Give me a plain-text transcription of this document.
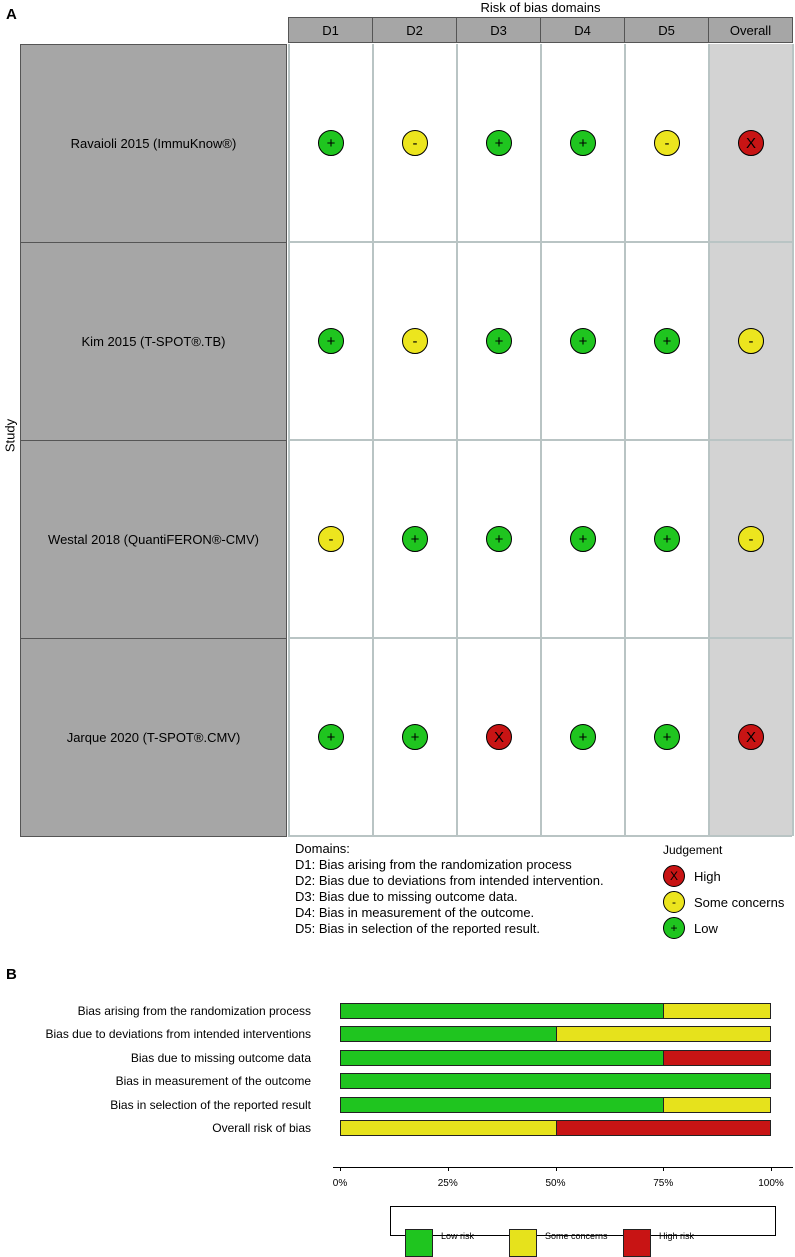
A	Risk of bias domains
D1	D2	D3	D4	D5	Overall
Study
Ravaioli 2015 (ImmuKnow®)	+	-	+	+	-	X
Kim 2015 (T-SPOT®.TB)	+	-	+	+	+	-
Westal 2018 (QuantiFERON®-CMV)	-	+	+	+	+	-
Jarque 2020 (T-SPOT®.CMV)	+	+	X	+	+	X
Domains:
D1: Bias arising from the randomization process
D2: Bias due to deviations from intended intervention.
D3: Bias due to missing outcome data.
D4: Bias in measurement of the outcome.
D5: Bias in selection of the reported result.
Judgement
X	High
-	Some concerns
+	Low
B
Bias arising from the randomization process
Bias due to deviations from intended interventions
Bias due to missing outcome data
Bias in measurement of the outcome
Bias in selection of the reported result
Overall risk of bias
0%	25%	50%	75%	100%
Low risk	Some concerns	High risk
